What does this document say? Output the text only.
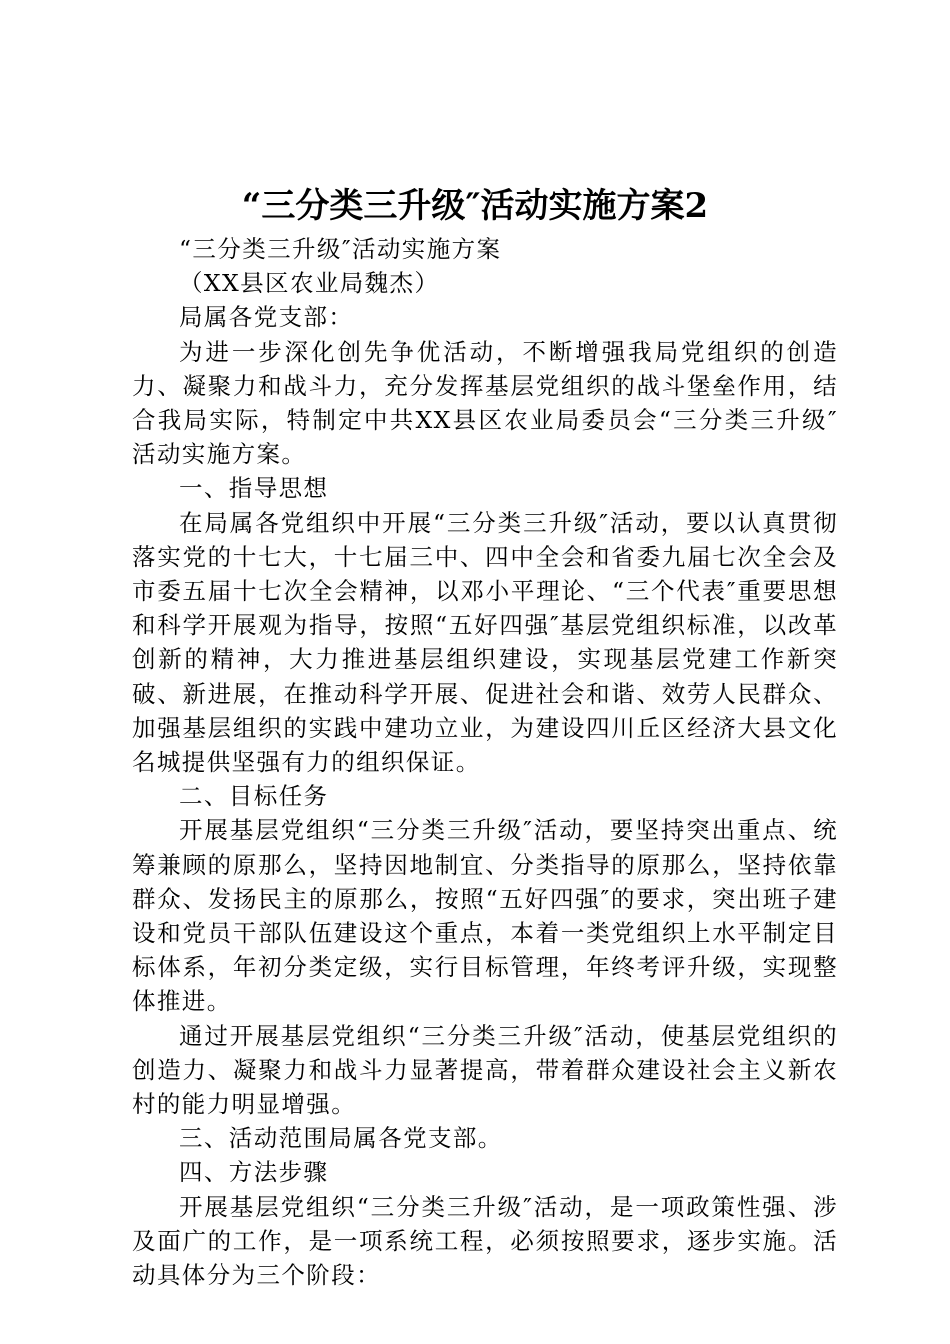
“三分类三升级″活动实施方案2

“三分类三升级″活动实施方案

（XX县区农业局魏杰）

局属各党支部：

为进一步深化创先争优活动，不断增强我局党组织的创造力、凝聚力和战斗力，充分发挥基层党组织的战斗堡垒作用，结合我局实际，特制定中共XX县区农业局委员会“三分类三升级″活动实施方案。

一、指导思想

在局属各党组织中开展“三分类三升级″活动，要以认真贯彻落实党的十七大，十七届三中、四中全会和省委九届七次全会及市委五届十七次全会精神，以邓小平理论、“三个代表″重要思想和科学开展观为指导，按照“五好四强″基层党组织标准，以改革创新的精神，大力推进基层组织建设，实现基层党建工作新突破、新进展，在推动科学开展、促进社会和谐、效劳人民群众、加强基层组织的实践中建功立业，为建设四川丘区经济大县文化名城提供坚强有力的组织保证。

二、目标任务

开展基层党组织“三分类三升级″活动，要坚持突出重点、统筹兼顾的原那么，坚持因地制宜、分类指导的原那么，坚持依靠群众、发扬民主的原那么，按照“五好四强″的要求，突出班子建设和党员干部队伍建设这个重点，本着一类党组织上水平制定目标体系，年初分类定级，实行目标管理，年终考评升级，实现整体推进。

通过开展基层党组织“三分类三升级″活动，使基层党组织的创造力、凝聚力和战斗力显著提高，带着群众建设社会主义新农村的能力明显增强。

三、活动范围局属各党支部。

四、方法步骤

开展基层党组织“三分类三升级″活动，是一项政策性强、涉及面广的工作，是一项系统工程，必须按照要求，逐步实施。活动具体分为三个阶段：
